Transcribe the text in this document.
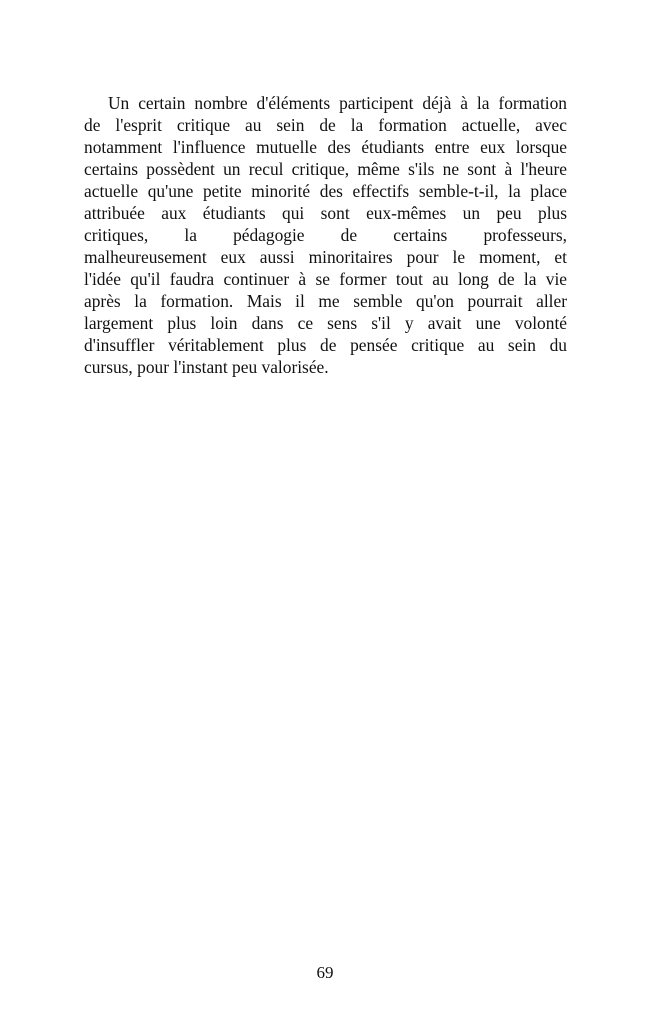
Un certain nombre d'éléments participent déjà à la formation
de l'esprit critique au sein de la formation actuelle, avec
notamment l'influence mutuelle des étudiants entre eux lorsque
certains possèdent un recul critique, même s'ils ne sont à l'heure
actuelle qu'une petite minorité des effectifs semble-t-il, la place
attribuée aux étudiants qui sont eux-mêmes un peu plus
critiques, la pédagogie de certains professeurs,
malheureusement eux aussi minoritaires pour le moment, et
l'idée qu'il faudra continuer à se former tout au long de la vie
après la formation. Mais il me semble qu'on pourrait aller
largement plus loin dans ce sens s'il y avait une volonté
d'insuffler véritablement plus de pensée critique au sein du
cursus, pour l'instant peu valorisée.
69
